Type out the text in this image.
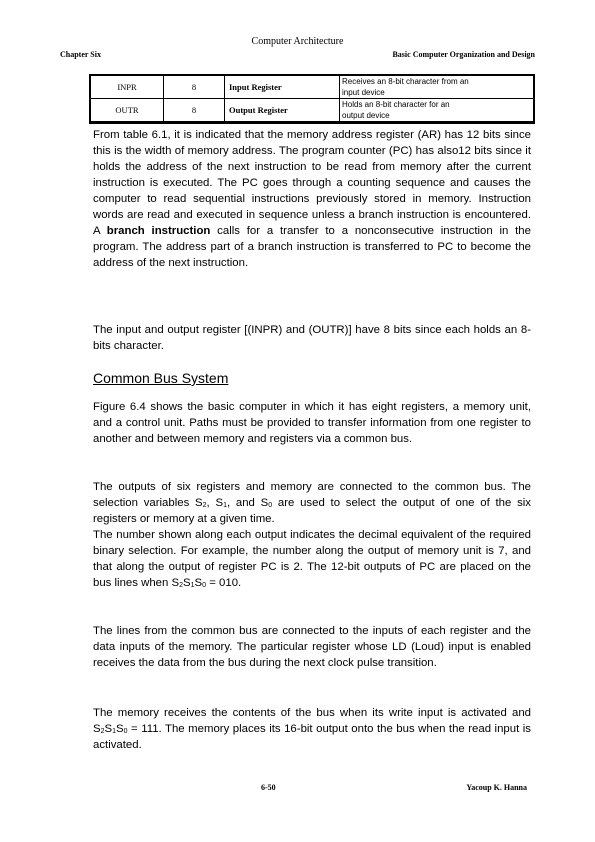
Computer Architecture
Chapter Six	Basic Computer Organization and Design
INPR	8	Input Register	Receives an 8-bit character from an
input device

OUTR	8	Output Register	Holds an 8-bit character for an
output device

From table 6.1, it is indicated that the memory address register (AR) has 12 bits since this is the width of memory address. The program counter (PC) has also12 bits since it holds the address of the next instruction to be read from memory after the current instruction is executed. The PC goes through a counting sequence and causes the computer to read sequential instructions previously stored in memory. Instruction words are read and executed in sequence unless a branch instruction is encountered. A branch instruction calls for a transfer to a nonconsecutive instruction in the program. The address part of a branch instruction is transferred to PC to become the address of the next instruction.

The input and output register [(INPR) and (OUTR)] have 8 bits since each holds an 8-bits character.

Common Bus System

Figure 6.4 shows the basic computer in which it has eight registers, a memory unit, and a control unit. Paths must be provided to transfer information from one register to another and between memory and registers via a common bus.

The outputs of six registers and memory are connected to the common bus. The selection variables $S_2$, $S_1$, and $S_0$ are used to select the output of one of the six registers or memory at a given time.

The number shown along each output indicates the decimal equivalent of the required binary selection. For example, the number along the output of memory unit is 7, and that along the output of register PC is 2. The 12-bit outputs of PC are placed on the bus lines when $S_2S_1S_0 = 010$.

The lines from the common bus are connected to the inputs of each register and the data inputs of the memory. The particular register whose LD (Loud) input is enabled receives the data from the bus during the next clock pulse transition.

The memory receives the contents of the bus when its write input is activated and $S_2S_1S_0 = 111$. The memory places its 16-bit output onto the bus when the read input is activated.

6-50	Yacoup K. Hanna
